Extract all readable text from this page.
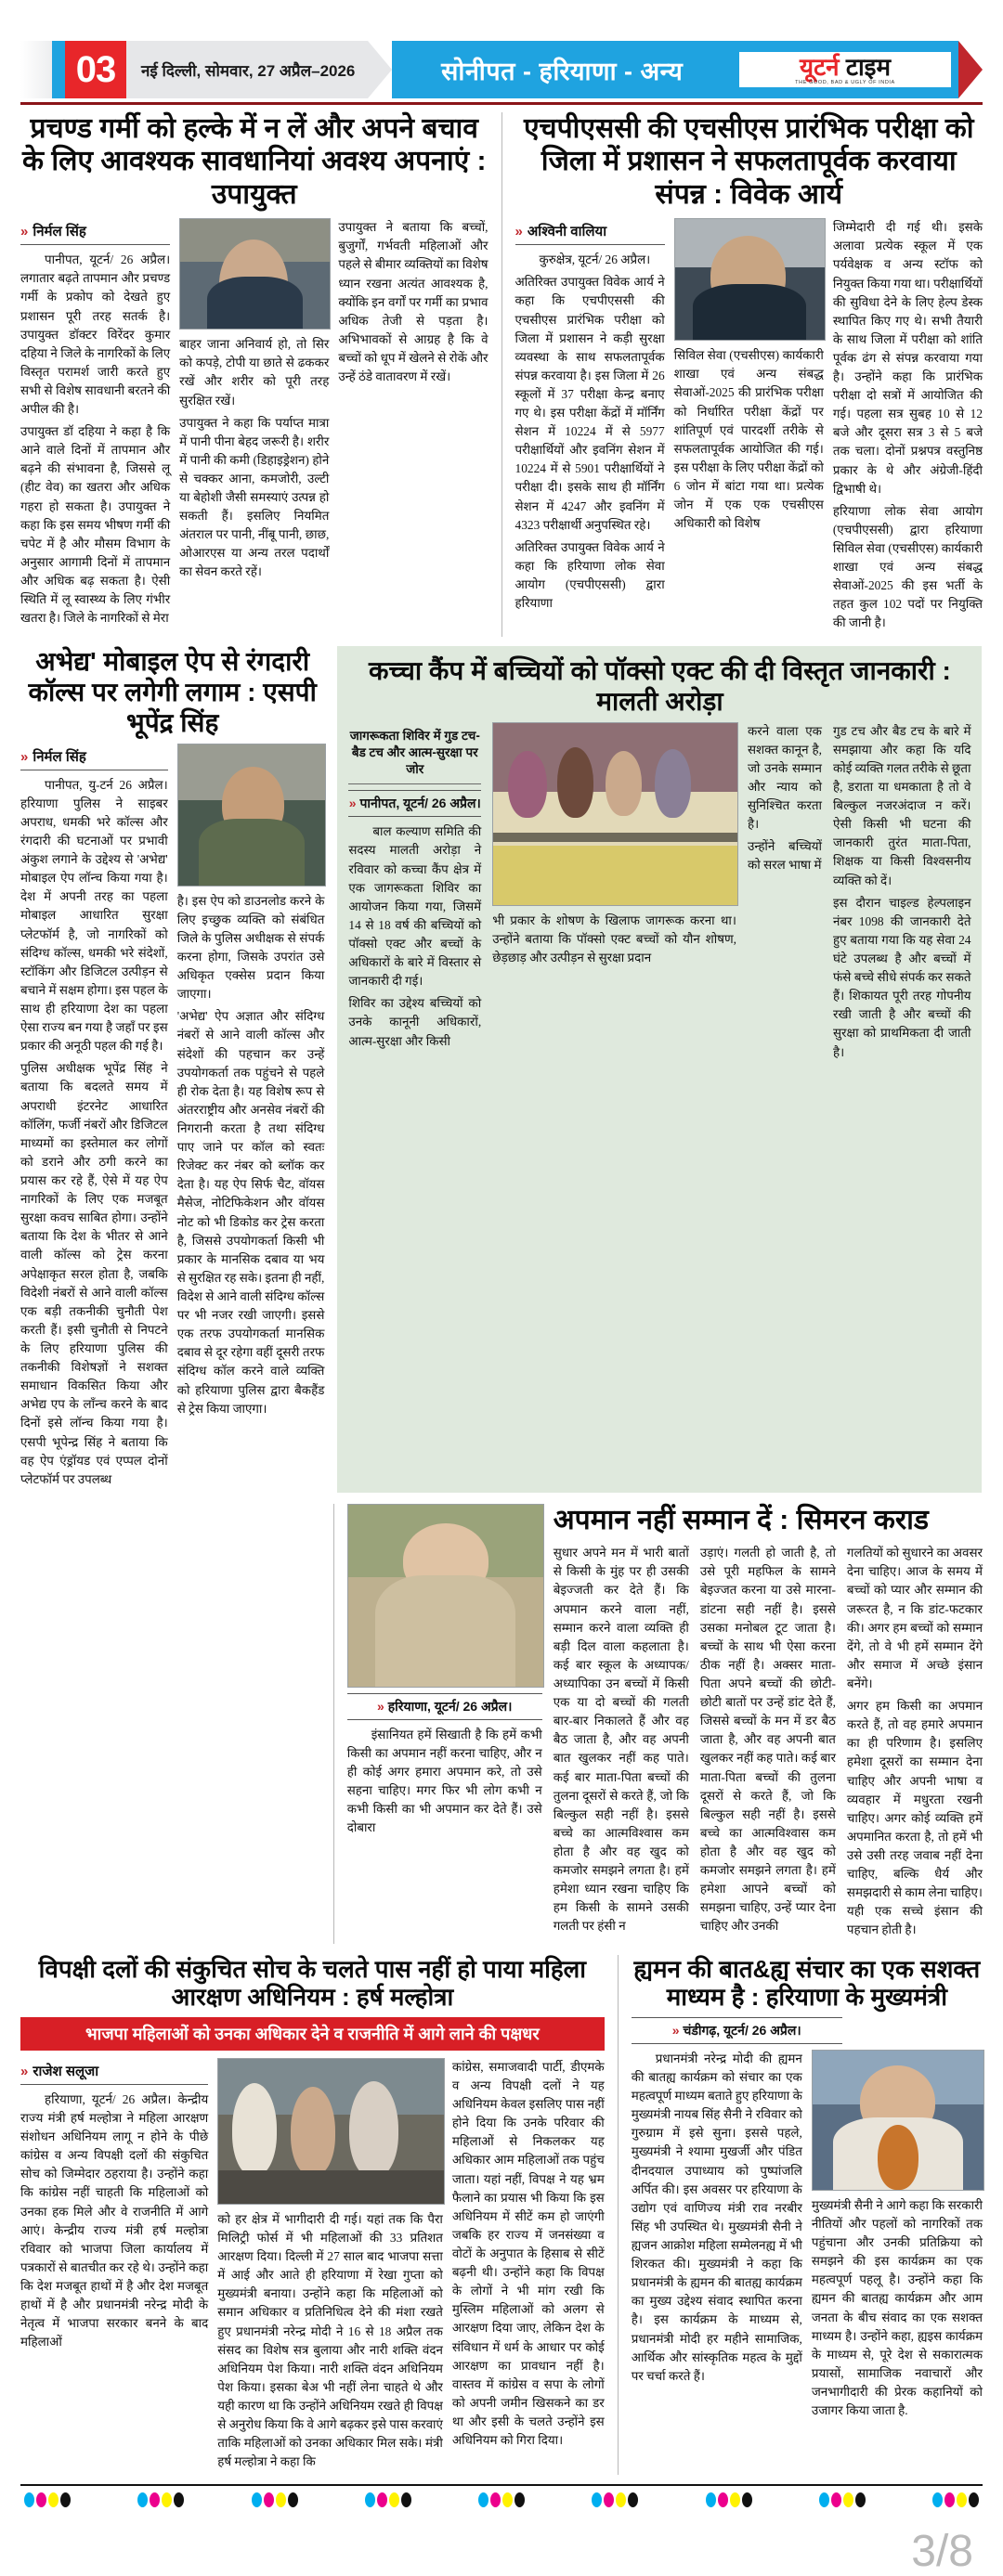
03	नई दिल्ली, सोमवार, 27 अप्रैल–2026	सोनीपत - हरियाणा - अन्य	यूटर्न टाइम
THE GOOD, BAD & UGLY OF INDIA
प्रचण्ड गर्मी को हल्के में न लें और अपने बचाव के लिए आवश्यक सावधानियां अवश्य अपनाएं : उपायुक्त
» निर्मल सिंह

पानीपत, यूटर्न/ 26 अप्रैल। लगातार बढ़ते तापमान और प्रचण्ड गर्मी के प्रकोप को देखते हुए प्रशासन पूरी तरह सतर्क है। उपायुक्त डॉक्टर विरेंदर कुमार दहिया ने जिले के नागरिकों के लिए विस्तृत परामर्श जारी करते हुए सभी से विशेष सावधानी बरतने की अपील की है।

उपायुक्त डॉ दहिया ने कहा है कि आने वाले दिनों में तापमान और बढ़ने की संभावना है, जिससे लू (हीट वेव) का खतरा और अधिक गहरा हो सकता है। उपायुक्त ने कहा कि इस समय भीषण गर्मी की चपेट में है और मौसम विभाग के अनुसार आगामी दिनों में तापमान और अधिक बढ़ सकता है। ऐसी स्थिति में लू स्वास्थ्य के लिए गंभीर खतरा है। जिले के नागरिकों से मेरा

बाहर जाना अनिवार्य हो, तो सिर को कपड़े, टोपी या छाते से ढककर रखें और शरीर को पूरी तरह सुरक्षित रखें।

उपायुक्त ने कहा कि पर्याप्त मात्रा में पानी पीना बेहद जरूरी है। शरीर में पानी की कमी (डिहाइड्रेशन) होने से चक्कर आना, कमजोरी, उल्टी या बेहोशी जैसी समस्याएं उत्पन्न हो सकती हैं। इसलिए नियमित अंतराल पर पानी, नींबू पानी, छाछ, ओआरएस या अन्य तरल पदार्थों का सेवन करते रहें।

उपायुक्त ने बताया कि बच्चों, बुजुर्गों, गर्भवती महिलाओं और पहले से बीमार व्यक्तियों का विशेष ध्यान रखना अत्यंत आवश्यक है, क्योंकि इन वर्गों पर गर्मी का प्रभाव अधिक तेजी से पड़ता है। अभिभावकों से आग्रह है कि वे बच्चों को धूप में खेलने से रोकें और उन्हें ठंडे वातावरण में रखें।

एचपीएससी की एचसीएस प्रारंभिक परीक्षा को जिला में प्रशासन ने सफलतापूर्वक करवाया संपन्न : विवेक आर्य
» अश्विनी वालिया

कुरुक्षेत्र, यूटर्न/ 26 अप्रैल।

अतिरिक्त उपायुक्त विवेक आर्य ने कहा कि एचपीएससी की एचसीएस प्रारंभिक परीक्षा को जिला में प्रशासन ने कड़ी सुरक्षा व्यवस्था के साथ सफलतापूर्वक संपन्न करवाया है। इस जिला में 26 स्कूलों में 37 परीक्षा केन्द्र बनाए गए थे। इस परीक्षा केंद्रों में मॉर्निंग सेशन में 10224 में से 5977 परीक्षार्थियों और इवनिंग सेशन में 10224 में से 5901 परीक्षार्थियों ने परीक्षा दी। इसके साथ ही मॉर्निंग सेशन में 4247 और इवनिंग में 4323 परीक्षार्थी अनुपस्थित रहे।

अतिरिक्त उपायुक्त विवेक आर्य ने कहा कि हरियाणा लोक सेवा आयोग (एचपीएससी) द्वारा हरियाणा

सिविल सेवा (एचसीएस) कार्यकारी शाखा एवं अन्य संबद्ध सेवाओं-2025 की प्रारंभिक परीक्षा को निर्धारित परीक्षा केंद्रों पर शांतिपूर्ण एवं पारदर्शी तरीके से सफलतापूर्वक आयोजित की गई। इस परीक्षा के लिए परीक्षा केंद्रों को 6 जोन में बांटा गया था। प्रत्येक जोन में एक एक एचसीएस अधिकारी को विशेष

जिम्मेदारी दी गई थी। इसके अलावा प्रत्येक स्कूल में एक पर्यवेक्षक व अन्य स्टॉफ को नियुक्त किया गया था। परीक्षार्थियों की सुविधा देने के लिए हेल्प डेस्क स्थापित किए गए थे। सभी तैयारी के साथ जिला में परीक्षा को शांति पूर्वक ढंग से संपन्न करवाया गया है। उन्होंने कहा कि प्रारंभिक परीक्षा दो सत्रों में आयोजित की गई। पहला सत्र सुबह 10 से 12 बजे और दूसरा सत्र 3 से 5 बजे तक चला। दोनों प्रश्नपत्र वस्तुनिष्ठ प्रकार के थे और अंग्रेजी-हिंदी द्विभाषी थे।

हरियाणा लोक सेवा आयोग (एचपीएससी) द्वारा हरियाणा सिविल सेवा (एचसीएस) कार्यकारी शाखा एवं अन्य संबद्ध सेवाओं-2025 की इस भर्ती के तहत कुल 102 पदों पर नियुक्ति की जानी है।

अभेद्य' मोबाइल ऐप से रंगदारी कॉल्स पर लगेगी लगाम : एसपी भूपेंद्र सिंह
» निर्मल सिंह

पानीपत, यु-टर्न 26 अप्रैल। हरियाणा पुलिस ने साइबर अपराध, धमकी भरे कॉल्स और रंगदारी की घटनाओं पर प्रभावी अंकुश लगाने के उद्देश्य से 'अभेद्य' मोबाइल ऐप लॉन्च किया गया है। देश में अपनी तरह का पहला मोबाइल आधारित सुरक्षा प्लेटफॉर्म है, जो नागरिकों को संदिग्ध कॉल्स, धमकी भरे संदेशों, स्टॉकिंग और डिजिटल उत्पीड़न से बचाने में सक्षम होगा। इस पहल के साथ ही हरियाणा देश का पहला ऐसा राज्य बन गया है जहाँ पर इस प्रकार की अनूठी पहल की गई है।

पुलिस अधीक्षक भूपेंद्र सिंह ने बताया कि बदलते समय में अपराधी इंटरनेट आधारित कॉलिंग, फर्जी नंबरों और डिजिटल माध्यमों का इस्तेमाल कर लोगों को डराने और ठगी करने का प्रयास कर रहे हैं, ऐसे में यह ऐप नागरिकों के लिए एक मजबूत सुरक्षा कवच साबित होगा। उन्होंने बताया कि देश के भीतर से आने वाली कॉल्स को ट्रेस करना अपेक्षाकृत सरल होता है, जबकि विदेशी नंबरों से आने वाली कॉल्स एक बड़ी तकनीकी चुनौती पेश करती हैं। इसी चुनौती से निपटने के लिए हरियाणा पुलिस की तकनीकी विशेषज्ञों ने सशक्त समाधान विकसित किया और अभेद्य एप के लाँन्च करने के बाद दिनों इसे लॉन्च किया गया है। एसपी भूपेन्द्र सिंह ने बताया कि वह ऐप एंड्रॉयड एवं एप्पल दोनों प्लेटफॉर्म पर उपलब्ध

है। इस ऐप को डाउनलोड करने के लिए इच्छुक व्यक्ति को संबंधित जिले के पुलिस अधीक्षक से संपर्क करना होगा, जिसके उपरांत उसे अधिकृत एक्सेस प्रदान किया जाएगा।

'अभेद्य' ऐप अज्ञात और संदिग्ध नंबरों से आने वाली कॉल्स और संदेशों की पहचान कर उन्हें उपयोगकर्ता तक पहुंचने से पहले ही रोक देता है। यह विशेष रूप से अंतरराष्ट्रीय और अनसेव नंबरों की निगरानी करता है तथा संदिग्ध पाए जाने पर कॉल को स्वतः रिजेक्ट कर नंबर को ब्लॉक कर देता है। यह ऐप सिर्फ चैट, वॉयस मैसेज, नोटिफिकेशन और वॉयस नोट को भी डिकोड कर ट्रेस करता है, जिससे उपयोगकर्ता किसी भी प्रकार के मानसिक दबाव या भय से सुरक्षित रह सके। इतना ही नहीं, विदेश से आने वाली संदिग्ध कॉल्स पर भी नजर रखी जाएगी। इससे एक तरफ उपयोगकर्ता मानसिक दबाव से दूर रहेगा वहीं दूसरी तरफ संदिग्ध कॉल करने वाले व्यक्ति को हरियाणा पुलिस द्वारा बैकहैंड से ट्रेस किया जाएगा।

कच्चा कैंप में बच्चियों को पॉक्सो एक्ट की दी विस्तृत जानकारी : मालती अरोड़ा
जागरूकता शिविर में गुड टच-बैड टच और आत्म-सुरक्षा पर जोर
» पानीपत, यूटर्न/ 26 अप्रैल।

बाल कल्याण समिति की सदस्य मालती अरोड़ा ने रविवार को कच्चा कैंप क्षेत्र में एक जागरूकता शिविर का आयोजन किया गया, जिसमें 14 से 18 वर्ष की बच्चियों को पॉक्सो एक्ट और बच्चों के अधिकारों के बारे में विस्तार से जानकारी दी गई।

शिविर का उद्देश्य बच्चियों को उनके कानूनी अधिकारों, आत्म-सुरक्षा और किसी

भी प्रकार के शोषण के खिलाफ जागरूक करना था। उन्होंने बताया कि पॉक्सो एक्ट बच्चों को यौन शोषण, छेड़छाड़ और उत्पीड़न से सुरक्षा प्रदान

करने वाला एक सशक्त कानून है, जो उनके सम्मान और न्याय को सुनिश्चित करता है।

उन्होंने बच्चियों को सरल भाषा में

गुड टच और बैड टच के बारे में समझाया और कहा कि यदि कोई व्यक्ति गलत तरीके से छूता है, डराता या धमकाता है तो वे बिल्कुल नजरअंदाज न करें। ऐसी किसी भी घटना की जानकारी तुरंत माता-पिता, शिक्षक या किसी विश्वसनीय व्यक्ति को दें।

इस दौरान चाइल्ड हेल्पलाइन नंबर 1098 की जानकारी देते हुए बताया गया कि यह सेवा 24 घंटे उपलब्ध है और बच्चों में फंसे बच्चे सीधे संपर्क कर सकते हैं। शिकायत पूरी तरह गोपनीय रखी जाती है और बच्चों की सुरक्षा को प्राथमिकता दी जाती है।

» हरियाणा, यूटर्न/ 26 अप्रैल।

इंसानियत हमें सिखाती है कि हमें कभी किसी का अपमान नहीं करना चाहिए, और न ही कोई अगर हमारा अपमान करे, तो उसे सहना चाहिए। मगर फिर भी लोग कभी न कभी किसी का भी अपमान कर देते हैं। उसे दोबारा

अपमान नहीं सम्मान दें : सिमरन कराड

सुधार अपने मन में भारी बातों से किसी के मुंह पर ही उसकी बेइज्जती कर देते हैं। कि अपमान करने वाला नहीं, सम्मान करने वाला व्यक्ति ही बड़ी दिल वाला कहलाता है। कई बार स्कूल के अध्यापक/अध्यापिका उन बच्चों में किसी एक या दो बच्चों की गलती बार-बार निकालते हैं और वह बैठ जाता है, और वह अपनी बात खुलकर नहीं कह पाते। कई बार माता-पिता बच्चों की तुलना दूसरों से करते हैं, जो कि बिल्कुल सही नहीं है। इससे बच्चे का आत्मविश्वास कम होता है और वह खुद को कमजोर समझने लगता है। हमें हमेशा ध्यान रखना चाहिए कि हम किसी के सामने उसकी गलती पर हंसी न

उड़ाएं। गलती हो जाती है, तो उसे पूरी महफिल के सामने बेइज्जत करना या उसे मारना-डांटना सही नहीं है। इससे उसका मनोबल टूट जाता है। बच्चों के साथ भी ऐसा करना ठीक नहीं है। अक्सर माता-पिता अपने बच्चों की छोटी-छोटी बातों पर उन्हें डांट देते हैं, जिससे बच्चों के मन में डर बैठ जाता है, और वह अपनी बात खुलकर नहीं कह पाते। कई बार माता-पिता बच्चों की तुलना दूसरों से करते हैं, जो कि बिल्कुल सही नहीं है। इससे बच्चे का आत्मविश्वास कम होता है और वह खुद को कमजोर समझने लगता है। हमें हमेशा आपने बच्चों को समझना चाहिए, उन्हें प्यार देना चाहिए और उनकी

गलतियों को सुधारने का अवसर देना चाहिए। आज के समय में बच्चों को प्यार और सम्मान की जरूरत है, न कि डांट-फटकार की। अगर हम बच्चों को सम्मान देंगे, तो वे भी हमें सम्मान देंगे और समाज में अच्छे इंसान बनेंगे।

अगर हम किसी का अपमान करते हैं, तो वह हमारे अपमान का ही परिणाम है। इसलिए हमेशा दूसरों का सम्मान देना चाहिए और अपनी भाषा व व्यवहार में मधुरता रखनी चाहिए। अगर कोई व्यक्ति हमें अपमानित करता है, तो हमें भी उसे उसी तरह जवाब नहीं देना चाहिए, बल्कि धैर्य और समझदारी से काम लेना चाहिए। यही एक सच्चे इंसान की पहचान होती है।

विपक्षी दलों की संकुचित सोच के चलते पास नहीं हो पाया महिला आरक्षण अधिनियम : हर्ष मल्होत्रा
भाजपा महिलाओं को उनका अधिकार देने व राजनीति में आगे लाने की पक्षधर
» राजेश सलूजा

हरियाणा, यूटर्न/ 26 अप्रैल। केन्द्रीय राज्य मंत्री हर्ष मल्होत्रा ने महिला आरक्षण संशोधन अधिनियम लागू न होने के पीछे कांग्रेस व अन्य विपक्षी दलों की संकुचित सोच को जिम्मेदार ठहराया है। उन्होंने कहा कि कांग्रेस नहीं चाहती कि महिलाओं को उनका हक मिले और वे राजनीति में आगे आएं। केन्द्रीय राज्य मंत्री हर्ष मल्होत्रा रविवार को भाजपा जिला कार्यालय में पत्रकारों से बातचीत कर रहे थे। उन्होंने कहा कि देश मजबूत हाथों में है और देश मजबूत हाथों में है और प्रधानमंत्री नरेन्द्र मोदी के नेतृत्व में भाजपा सरकार बनने के बाद महिलाओं

को हर क्षेत्र में भागीदारी दी गई। यहां तक कि पैरा मिलिट्री फोर्स में भी महिलाओं की 33 प्रतिशत आरक्षण दिया। दिल्ली में 27 साल बाद भाजपा सत्ता में आई और आते ही हरियाणा में रेखा गुप्ता को मुख्यमंत्री बनाया। उन्होंने कहा कि महिलाओं को समान अधिकार व प्रतिनिधित्व देने की मंशा रखते हुए प्रधानमंत्री नरेन्द्र मोदी ने 16 से 18 अप्रैल तक संसद का विशेष सत्र बुलाया और नारी शक्ति वंदन अधिनियम पेश किया। नारी शक्ति वंदन अधिनियम पेश किया। इसका बेअ भी नहीं लेना चाहते थे और यही कारण था कि उन्होंने अधिनियम रखते ही विपक्ष से अनुरोध किया कि वे आगे बढ़कर इसे पास करवाएं ताकि महिलाओं को उनका अधिकार मिल सके। मंत्री हर्ष मल्होत्रा ने कहा कि

कांग्रेस, समाजवादी पार्टी, डीएमके व अन्य विपक्षी दलों ने यह अधिनियम केवल इसलिए पास नहीं होने दिया कि उनके परिवार की महिलाओं से निकलकर यह अधिकार आम महिलाओं तक पहुंच जाता। यहां नहीं, विपक्ष ने यह भ्रम फैलाने का प्रयास भी किया कि इस अधिनियम में सीटें कम हो जाएंगी जबकि हर राज्य में जनसंख्या व वोटों के अनुपात के हिसाब से सीटें बढ़नी थी। उन्होंने कहा कि विपक्ष के लोगों ने भी मांग रखी कि मुस्लिम महिलाओं को अलग से आरक्षण दिया जाए, लेकिन देश के संविधान में धर्म के आधार पर कोई आरक्षण का प्रावधान नहीं है। वास्तव में कांग्रेस व सपा के लोगों को अपनी जमीन खिसकने का डर था और इसी के चलते उन्होंने इस अधिनियम को गिरा दिया।

ह्यमन की बात&ह्य संचार का एक सशक्त माध्यम है : हरियाणा के मुख्यमंत्री
» चंडीगढ़, यूटर्न/ 26 अप्रैल।

प्रधानमंत्री नरेन्द्र मोदी की ह्यमन की बातह्य कार्यक्रम को संचार का एक महत्वपूर्ण माध्यम बताते हुए हरियाणा के मुख्यमंत्री नायब सिंह सैनी ने रविवार को गुरुग्राम में इसे सुना। इससे पहले, मुख्यमंत्री ने श्यामा मुखर्जी और पंडित दीनदयाल उपाध्याय को पुष्पांजलि अर्पित की। इस अवसर पर हरियाणा के उद्योग एवं वाणिज्य मंत्री राव नरबीर सिंह भी उपस्थित थे। मुख्यमंत्री सैनी ने ह्यजन आक्रोश महिला सम्मेलनह्य में भी शिरकत की। मुख्यमंत्री ने कहा कि प्रधानमंत्री के ह्यमन की बातह्य कार्यक्रम का मुख्य उद्देश्य संवाद स्थापित करना है। इस कार्यक्रम के माध्यम से, प्रधानमंत्री मोदी हर महीने सामाजिक, आर्थिक और सांस्कृतिक महत्व के मुद्दों पर चर्चा करते हैं।

मुख्यमंत्री सैनी ने आगे कहा कि सरकारी नीतियों और पहलों को नागरिकों तक पहुंचाना और उनकी प्रतिक्रिया को समझने की इस कार्यक्रम का एक महत्वपूर्ण पहलू है। उन्होंने कहा कि ह्यमन की बातह्य कार्यक्रम और आम जनता के बीच संवाद का एक सशक्त माध्यम है। उन्होंने कहा, ह्यइस कार्यक्रम के माध्यम से, पूरे देश से सकारात्मक प्रयासों, सामाजिक नवाचारों और जनभागीदारी की प्रेरक कहानियों को उजागर किया जाता है.

3/8
